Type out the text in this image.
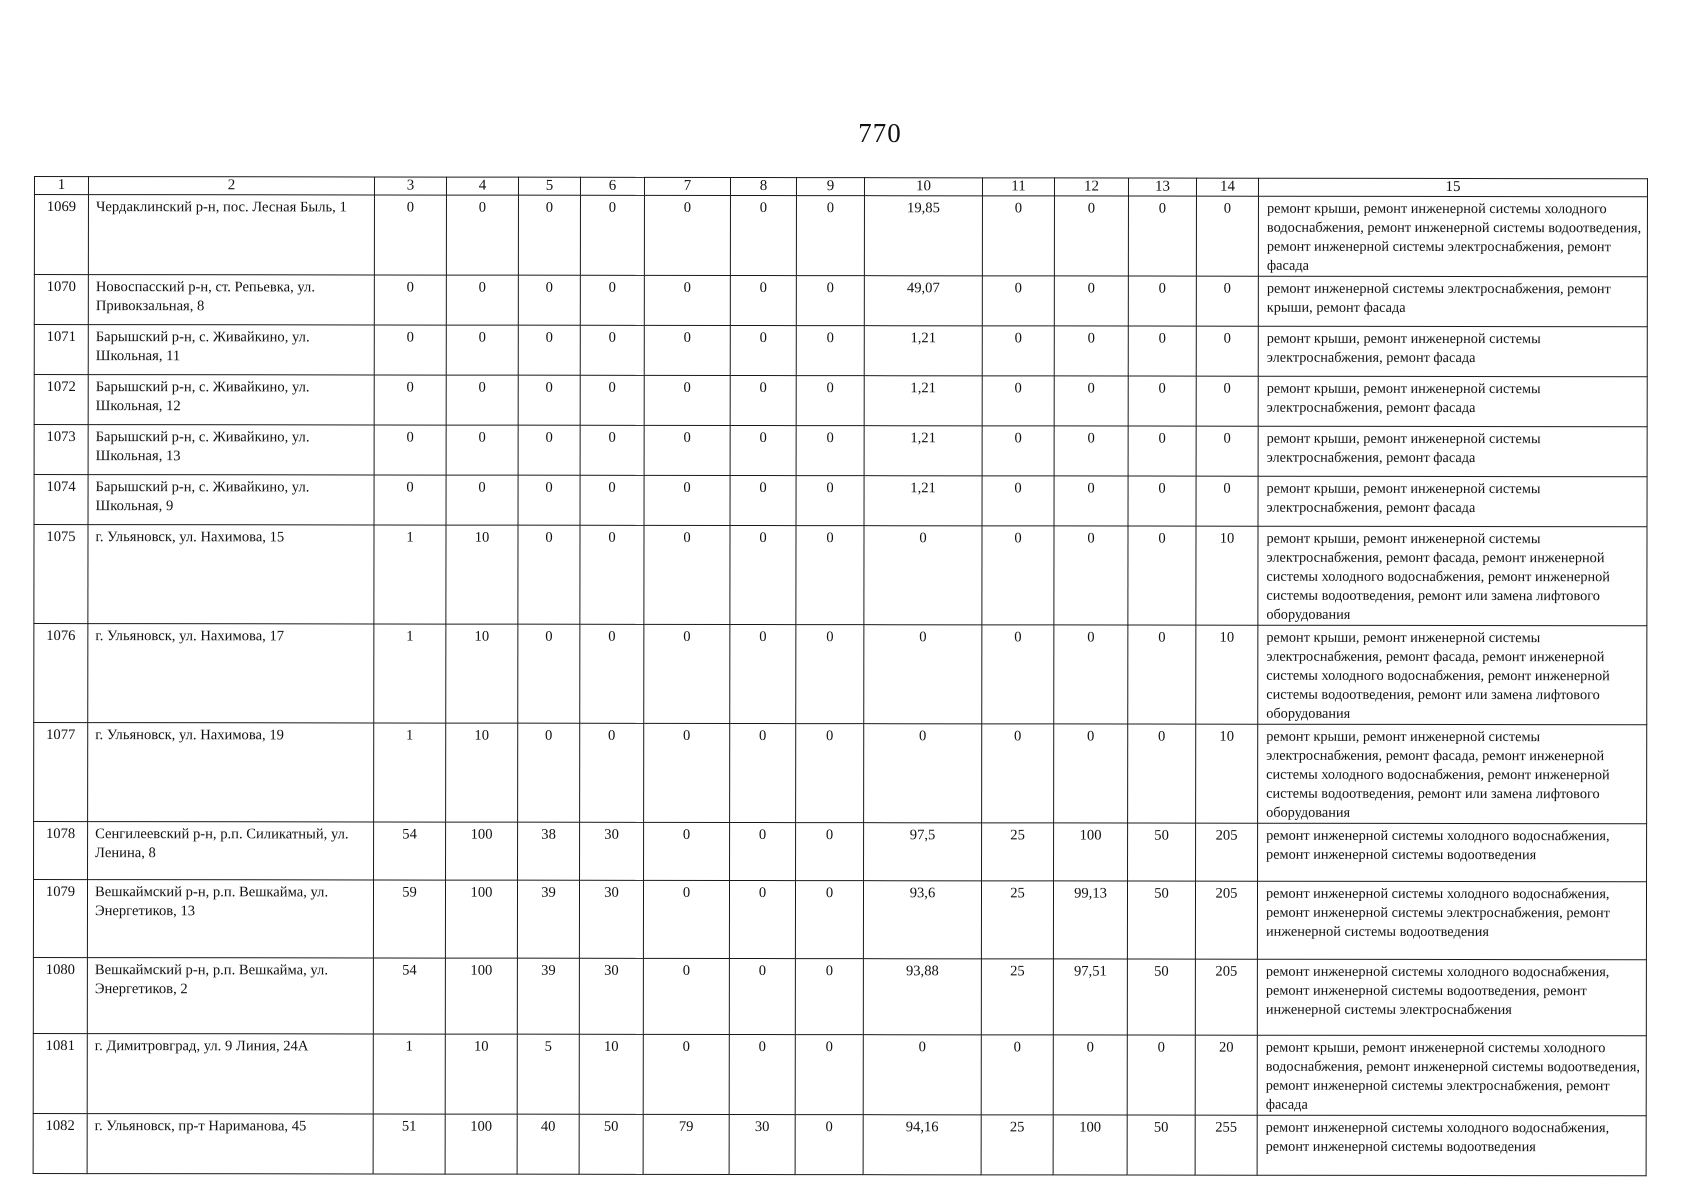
770
1	2	3	4	5	6	7	8	9	10	11	12	13	14	15
1069	Чердаклинский р-н, пос. Лесная Быль, 1	0	0	0	0	0	0	0	19,85	0	0	0	0	ремонт крыши, ремонт инженерной системы холодного водоснабжения, ремонт инженерной системы водоотведения, ремонт инженерной системы электроснабжения, ремонт фасада
1070	Новоспасский р-н, ст. Репьевка, ул. Привокзальная, 8	0	0	0	0	0	0	0	49,07	0	0	0	0	ремонт инженерной системы электроснабжения, ремонт крыши, ремонт фасада
1071	Барышский р-н, с. Живайкино, ул. Школьная, 11	0	0	0	0	0	0	0	1,21	0	0	0	0	ремонт крыши, ремонт инженерной системы электроснабжения, ремонт фасада
1072	Барышский р-н, с. Живайкино, ул. Школьная, 12	0	0	0	0	0	0	0	1,21	0	0	0	0	ремонт крыши, ремонт инженерной системы электроснабжения, ремонт фасада
1073	Барышский р-н, с. Живайкино, ул. Школьная, 13	0	0	0	0	0	0	0	1,21	0	0	0	0	ремонт крыши, ремонт инженерной системы электроснабжения, ремонт фасада
1074	Барышский р-н, с. Живайкино, ул. Школьная, 9	0	0	0	0	0	0	0	1,21	0	0	0	0	ремонт крыши, ремонт инженерной системы электроснабжения, ремонт фасада
1075	г. Ульяновск, ул. Нахимова, 15	1	10	0	0	0	0	0	0	0	0	0	10	ремонт крыши, ремонт инженерной системы электроснабжения, ремонт фасада, ремонт инженерной системы холодного водоснабжения, ремонт инженерной системы водоотведения, ремонт или замена лифтового оборудования
1076	г. Ульяновск, ул. Нахимова, 17	1	10	0	0	0	0	0	0	0	0	0	10	ремонт крыши, ремонт инженерной системы электроснабжения, ремонт фасада, ремонт инженерной системы холодного водоснабжения, ремонт инженерной системы водоотведения, ремонт или замена лифтового оборудования
1077	г. Ульяновск, ул. Нахимова, 19	1	10	0	0	0	0	0	0	0	0	0	10	ремонт крыши, ремонт инженерной системы электроснабжения, ремонт фасада, ремонт инженерной системы холодного водоснабжения, ремонт инженерной системы водоотведения, ремонт или замена лифтового оборудования
1078	Сенгилеевский р-н, р.п. Силикатный, ул. Ленина, 8	54	100	38	30	0	0	0	97,5	25	100	50	205	ремонт инженерной системы холодного водоснабжения, ремонт инженерной системы водоотведения
1079	Вешкаймский р-н, р.п. Вешкайма, ул. Энергетиков, 13	59	100	39	30	0	0	0	93,6	25	99,13	50	205	ремонт инженерной системы холодного водоснабжения, ремонт инженерной системы электроснабжения, ремонт инженерной системы водоотведения
1080	Вешкаймский р-н, р.п. Вешкайма, ул. Энергетиков, 2	54	100	39	30	0	0	0	93,88	25	97,51	50	205	ремонт инженерной системы холодного водоснабжения, ремонт инженерной системы водоотведения, ремонт инженерной системы электроснабжения
1081	г. Димитровград, ул. 9 Линия, 24А	1	10	5	10	0	0	0	0	0	0	0	20	ремонт крыши, ремонт инженерной системы холодного водоснабжения, ремонт инженерной системы водоотведения, ремонт инженерной системы электроснабжения, ремонт фасада
1082	г. Ульяновск, пр-т Нариманова, 45	51	100	40	50	79	30	0	94,16	25	100	50	255	ремонт инженерной системы холодного водоснабжения, ремонт инженерной системы водоотведения
